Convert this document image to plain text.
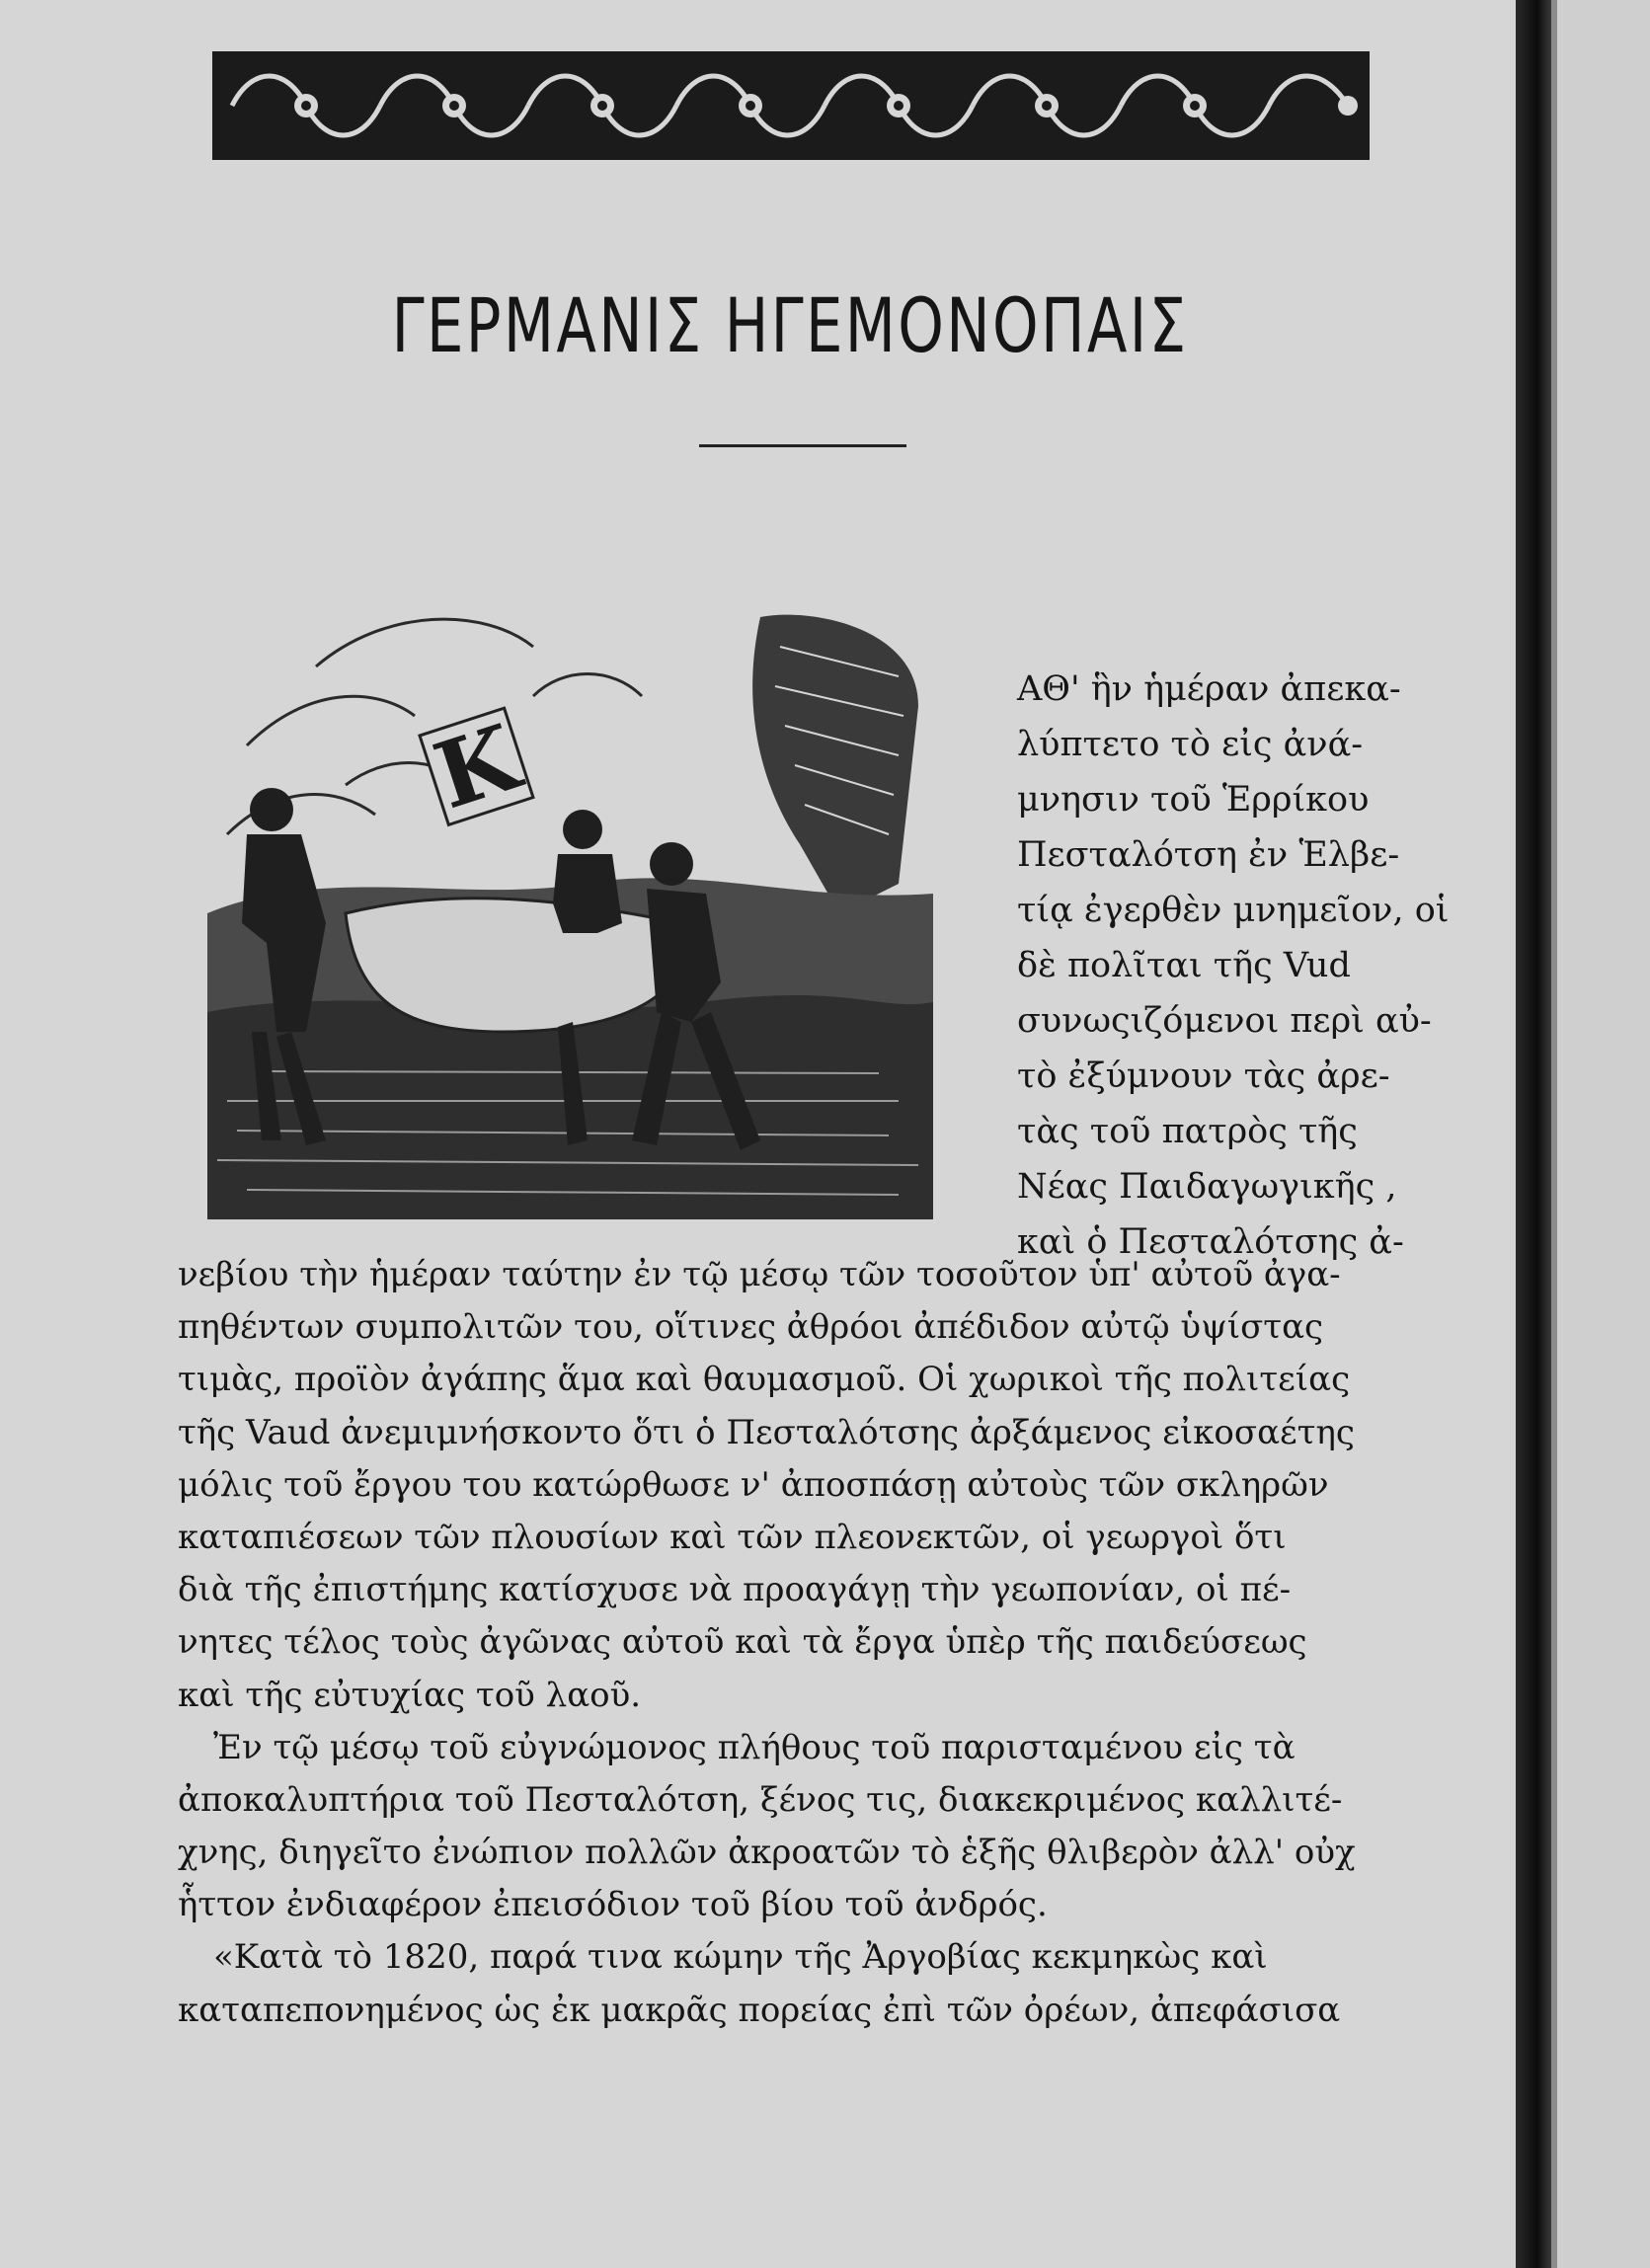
ΓΕΡΜΑΝΙΣ ΗΓΕΜΟΝΟΠΑΙΣ
Κ
ΑΘ' ἣν ἡμέραν ἀπεκα-
λύπτετο τὸ εἰς ἀνά-
μνησιν τοῦ Ἑρρίκου
Πεσταλότση ἐν Ἑλβε-
τίᾳ ἐγερθὲν μνημεῖον, οἱ
δὲ πολῖται τῆς Vud
συνωςιζόμενοι περὶ αὐ-
τὸ ἐξύμνουν τὰς ἀρε-
τὰς τοῦ πατρὸς τῆς
Νέας Παιδαγωγικῆς ,
καὶ ὁ Πεσταλότσης ἀ-
νεβίου τὴν ἡμέραν ταύτην ἐν τῷ μέσῳ τῶν τοσοῦτον ὑπ' αὐτοῦ ἀγα-
πηθέντων συμπολιτῶν του, οἵτινες ἀθρόοι ἀπέδιδον αὐτῷ ὑψίστας
τιμὰς, προϊὸν ἀγάπης ἅμα καὶ θαυμασμοῦ. Οἱ χωρικοὶ τῆς πολιτείας
τῆς Vaud ἀνεμιμνήσκοντο ὅτι ὁ Πεσταλότσης ἀρξάμενος εἰκοσαέτης
μόλις τοῦ ἔργου του κατώρθωσε ν' ἀποσπάσῃ αὐτοὺς τῶν σκληρῶν
καταπιέσεων τῶν πλουσίων καὶ τῶν πλεονεκτῶν, οἱ γεωργοὶ ὅτι
διὰ τῆς ἐπιστήμης κατίσχυσε νὰ προαγάγῃ τὴν γεωπονίαν, οἱ πέ-
νητες τέλος τοὺς ἀγῶνας αὐτοῦ καὶ τὰ ἔργα ὑπὲρ τῆς παιδεύσεως
καὶ τῆς εὐτυχίας τοῦ λαοῦ.
Ἐν τῷ μέσῳ τοῦ εὐγνώμονος πλήθους τοῦ παρισταμένου εἰς τὰ
ἀποκαλυπτήρια τοῦ Πεσταλότση, ξένος τις, διακεκριμένος καλλιτέ-
χνης, διηγεῖτο ἐνώπιον πολλῶν ἀκροατῶν τὸ ἑξῆς θλιβερὸν ἀλλ' οὐχ
ἧττον ἐνδιαφέρον ἐπεισόδιον τοῦ βίου τοῦ ἀνδρός.
«Κατὰ τὸ 1820, παρά τινα κώμην τῆς Ἀργοβίας κεκμηκὼς καὶ
καταπεπονημένος ὡς ἐκ μακρᾶς πορείας ἐπὶ τῶν ὀρέων, ἀπεφάσισα
